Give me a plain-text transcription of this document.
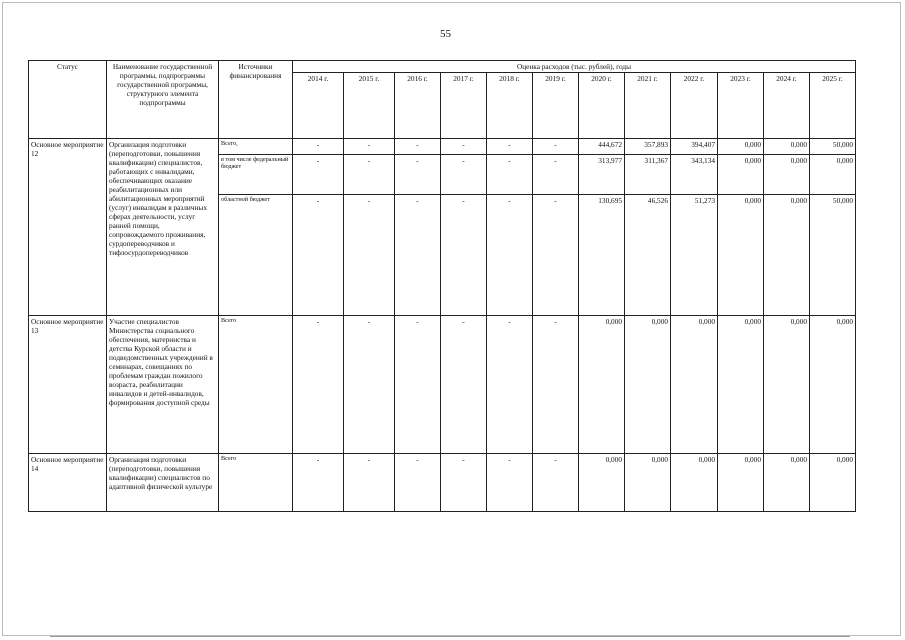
55
Статус	Наименование государственной программы, подпрограммы государственной программы, структурного элемента подпрограммы	Источники финансирования	Оценка расходов (тыс. рублей), годы											
			2014 г.	2015 г.	2016 г.	2017 г.	2018 г.	2019 г.	2020 г.	2021 г.	2022 г.	2023 г.	2024 г.	2025 г.
Основное мероприятие 12	Организация подготовки (переподготовки, повышения квалификации) специалистов, работающих с инвалидами, обеспечивающих оказание реабилитационных или абилитационных мероприятий (услуг) инвалидам в различных сферах деятельности, услуг ранней помощи, сопровождаемого проживания, сурдопереводчиков и тифлосурдопереводчиков	Всего,	-	-	-	-	-	-	444,672	357,893	394,407	0,000	0,000	50,000
		в том числе федеральный бюджет	-	-	-	-	-	-	313,977	311,367	343,134	0,000	0,000	0,000
		областной бюджет	-	-	-	-	-	-	130,695	46,526	51,273	0,000	0,000	50,000
Основное мероприятие 13	Участие специалистов Министерства социального обеспечения, материнства и детства Курской области и подведомственных учреждений в семинарах, совещаниях по проблемам граждан пожилого возраста, реабилитации инвалидов и детей-инвалидов, формирования доступной среды	Всего	-	-	-	-	-	-	0,000	0,000	0,000	0,000	0,000	0,000
Основное мероприятие 14	Организация подготовки (переподготовки, повышения квалификации) специалистов по адаптивной физической культуре	Всего	-	-	-	-	-	-	0,000	0,000	0,000	0,000	0,000	0,000
